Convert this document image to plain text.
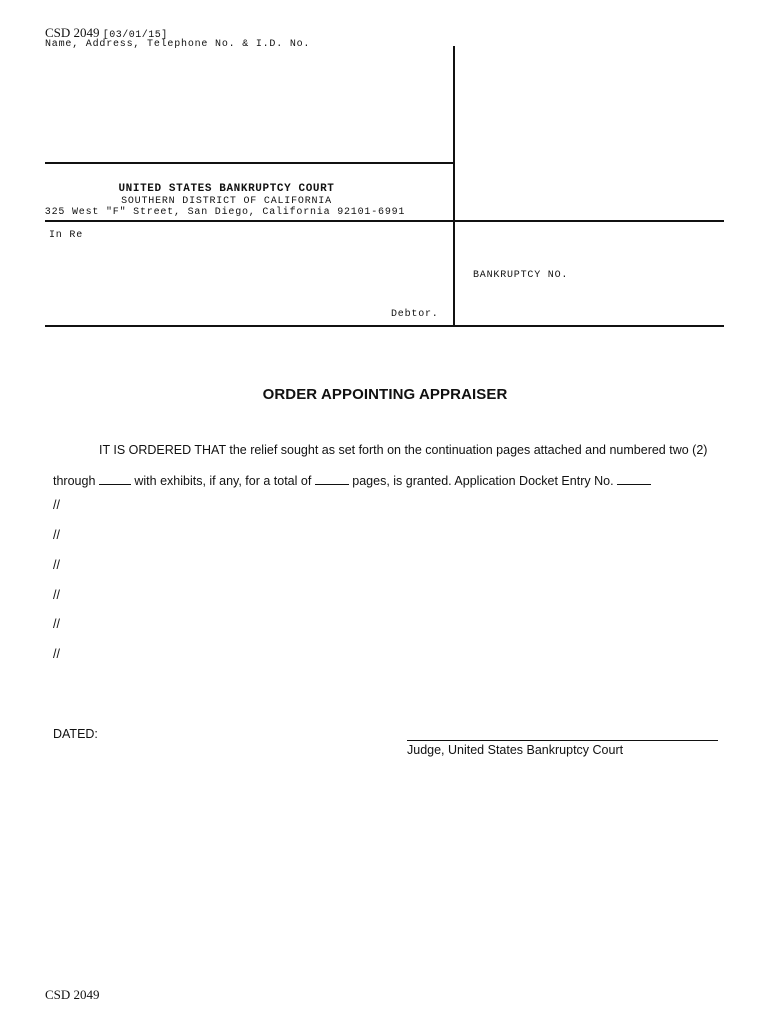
CSD 2049 [03/01/15]
Name, Address, Telephone No. & I.D. No.
UNITED STATES BANKRUPTCY COURT
SOUTHERN DISTRICT OF CALIFORNIA
325 West "F" Street, San Diego, California 92101-6991
In Re
BANKRUPTCY NO.
Debtor.
ORDER APPOINTING APPRAISER
IT IS ORDERED THAT the relief sought as set forth on the continuation pages attached and numbered two (2)
through	with exhibits, if any, for a total of	pages, is granted. Application Docket Entry No.
//
//
//
//
//
//
DATED:
Judge, United States Bankruptcy Court
CSD 2049
